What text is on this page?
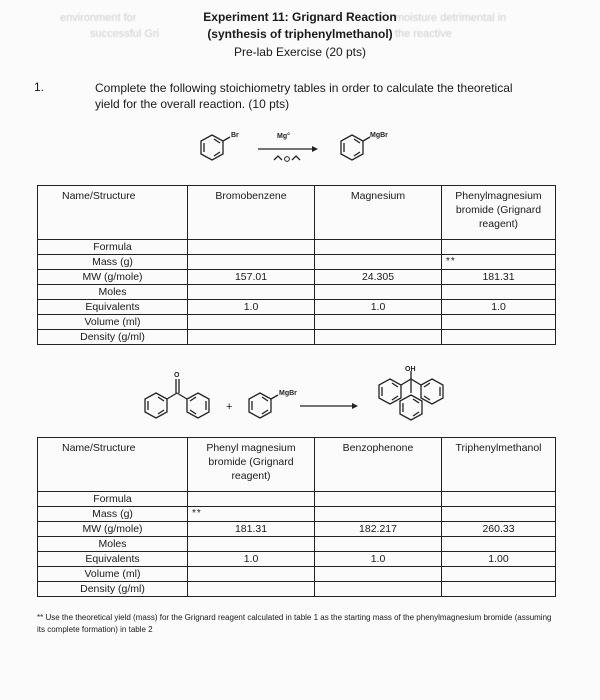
environment for	moisture detrimental in
successful Gri	the reactive
Experiment 11: Grignard Reaction
(synthesis of triphenylmethanol)
Pre-lab Exercise (20 pts)
1.	Complete the following stoichiometry tables in order to calculate the theoretical yield for the overall reaction. (10 pts)
Br	Mg°	MgBr
Name/Structure	Bromobenzene	Magnesium	Phenylmagnesium bromide (Grignard reagent)
Formula			
Mass (g)			**
MW (g/mole)	157.01	24.305	181.31
Moles			
Equivalents	1.0	1.0	1.0
Volume (ml)			
Density (g/ml)			
O
+
MgBr
OH
Name/Structure	Phenyl magnesium bromide (Grignard reagent)	Benzophenone	Triphenylmethanol
Formula			
Mass (g)	**		
MW (g/mole)	181.31	182.217	260.33
Moles			
Equivalents	1.0	1.0	1.00
Volume (ml)			
Density (g/ml)			
** Use the theoretical yield (mass) for the Grignard reagent calculated in table 1 as the starting mass of the phenylmagnesium bromide (assuming its complete formation) in table 2
